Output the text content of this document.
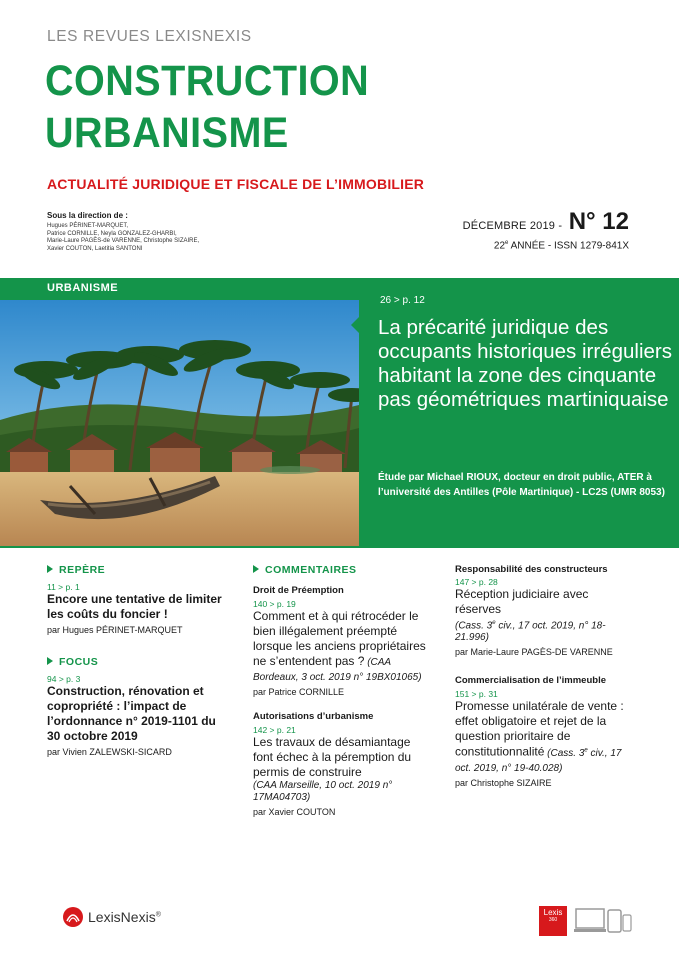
LES REVUES LEXISNEXIS
CONSTRUCTION
URBANISME
ACTUALITÉ JURIDIQUE ET FISCALE DE L’IMMOBILIER
Sous la direction de :
Hugues PÉRINET-MARQUET,
Patrice CORNILLE, Neyla GONZALEZ-GHARBI,
Marie-Laure PAGÈS-de VARENNE, Christophe SIZAIRE,
Xavier COUTON, Laetitia SANTONI
DÉCEMBRE 2019 - N° 12
22e ANNÉE - ISSN 1279-841X
URBANISME
26 > p. 12
La précarité juridique des occupants historiques irréguliers habitant la zone des cinquante pas géométriques martiniquaise
Étude par Michael RIOUX, docteur en droit public, ATER à l’université des Antilles (Pôle Martinique) - LC2S (UMR 8053)
REPÈRE
11 > p. 1
Encore une tentative de limiter les coûts du foncier !
par Hugues PÉRINET-MARQUET
FOCUS
94 > p. 3
Construction, rénovation et copropriété : l’impact de l’ordonnance n° 2019-1101 du 30 octobre 2019
par Vivien ZALEWSKI-SICARD
COMMENTAIRES
Droit de Préemption
140 > p. 19
Comment et à qui rétrocéder le bien illégalement préempté lorsque les anciens propriétaires ne s’entendent pas ? (CAA Bordeaux, 3 oct. 2019 n° 19BX01065)
par Patrice CORNILLE
Autorisations d’urbanisme
142 > p. 21
Les travaux de désamiantage font échec à la péremption du permis de construire
(CAA Marseille, 10 oct. 2019 n° 17MA04703)
par Xavier COUTON
Responsabilité des constructeurs
147 > p. 28
Réception judiciaire avec réserves
(Cass. 3e civ., 17 oct. 2019, n° 18-21.996)
par Marie-Laure PAGÈS-DE VARENNE
Commercialisation de l’immeuble
151 > p. 31
Promesse unilatérale de vente : effet obligatoire et rejet de la question prioritaire de constitutionnalité (Cass. 3e civ., 17 oct. 2019, n° 19-40.028)
par Christophe SIZAIRE
LexisNexis®	Lexis
360
